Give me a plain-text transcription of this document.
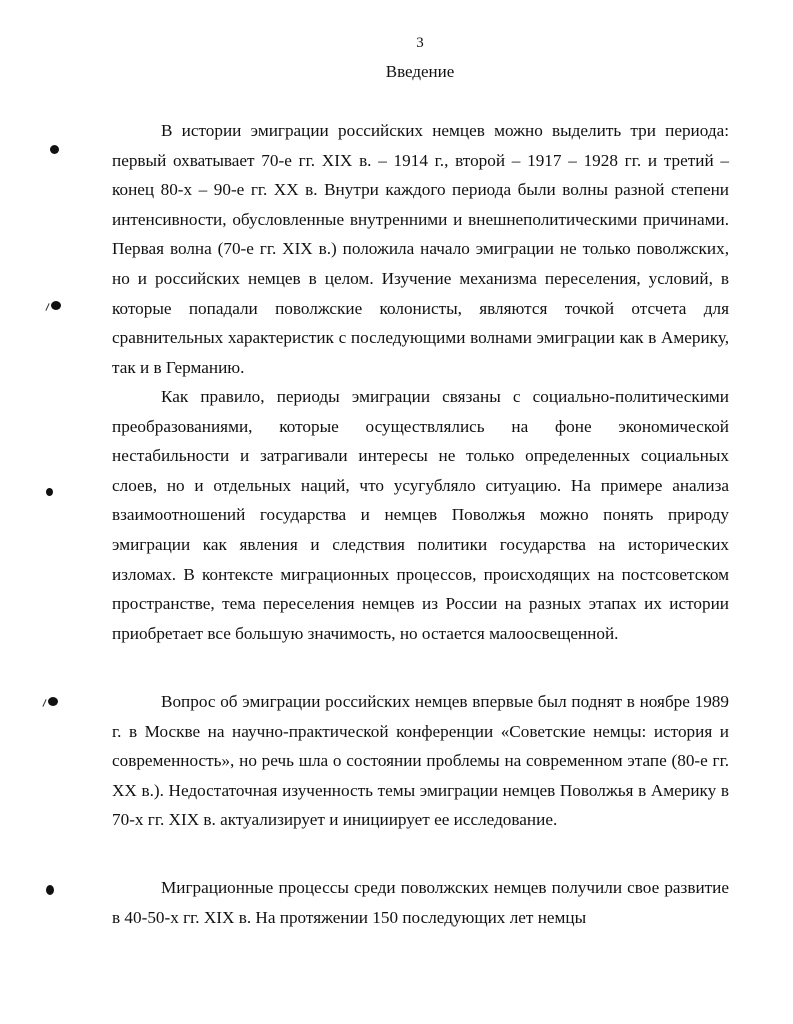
3
Введение

В истории эмиграции российских немцев можно выделить три периода: первый охватывает 70-е гг. XIX в. – 1914 г., второй – 1917 – 1928 гг. и третий – конец 80-х – 90-е гг. XX в. Внутри каждого периода были волны разной степени интенсивности, обусловленные внутренними и внешнеполитическими причинами. Первая волна (70-е гг. XIX в.) положила начало эмиграции не только поволжских, но и российских немцев в целом. Изучение механизма переселения, условий, в которые попадали поволжские колонисты, являются точкой отсчета для сравнительных характеристик с последующими волнами эмиграции как в Америку, так и в Германию.

Как правило, периоды эмиграции связаны с социально-политическими преобразованиями, которые осуществлялись на фоне экономической нестабильности и затрагивали интересы не только определенных социальных слоев, но и отдельных наций, что усугубляло ситуацию. На примере анализа взаимоотношений государства и немцев Поволжья можно понять природу эмиграции как явления и следствия политики государства на исторических изломах. В контексте миграционных процессов, происходящих на постсоветском пространстве, тема переселения немцев из России на разных этапах их истории приобретает все большую значимость, но остается малоосвещенной.

Вопрос об эмиграции российских немцев впервые был поднят в ноябре 1989 г. в Москве на научно-практической конференции «Советские немцы: история и современность», но речь шла о состоянии проблемы на современном этапе (80-е гг. XX в.). Недостаточная изученность темы эмиграции немцев Поволжья в Америку в 70-х гг. XIX в. актуализирует и инициирует ее исследование.

Миграционные процессы среди поволжских немцев получили свое развитие в 40-50-х гг. XIX в. На протяжении 150 последующих лет немцы
